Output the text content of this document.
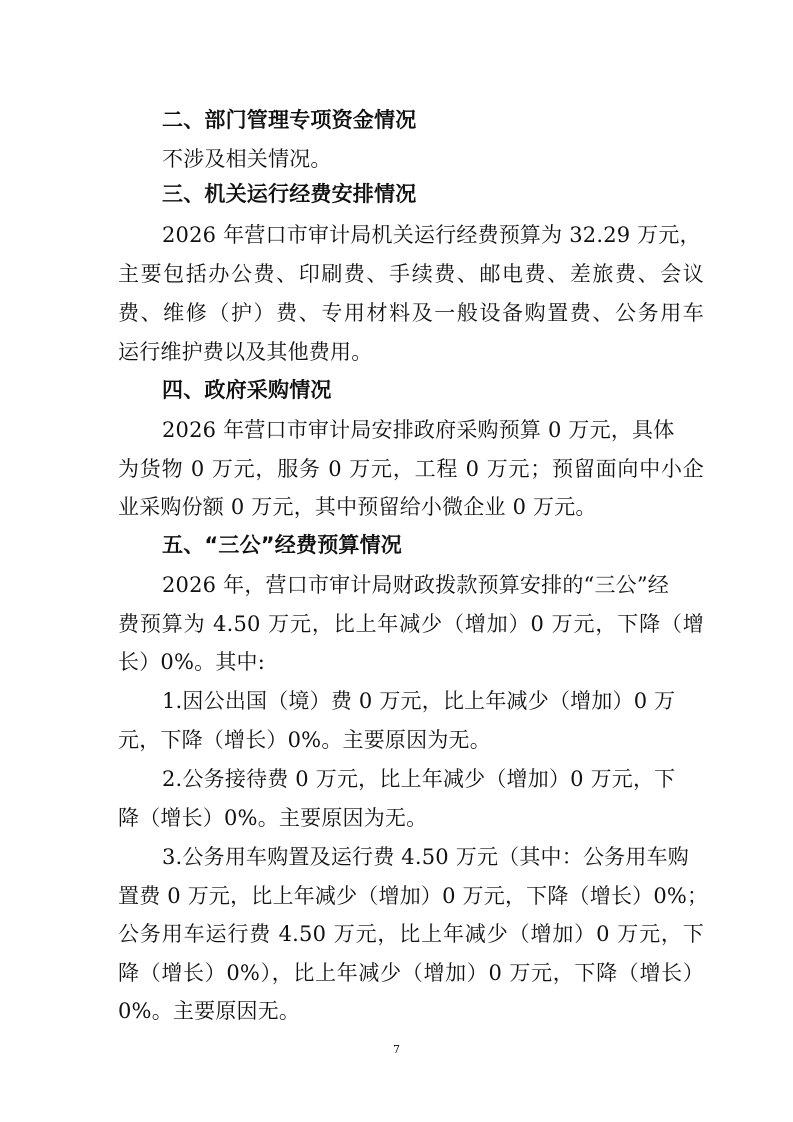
二、部门管理专项资金情况
不涉及相关情况。
三、机关运行经费安排情况
2026 年营口市审计局机关运行经费预算为 32.29 万元，
主要包括办公费、印刷费、手续费、邮电费、差旅费、会议
费、维修（护）费、专用材料及一般设备购置费、公务用车
运行维护费以及其他费用。
四、政府采购情况
2026 年营口市审计局安排政府采购预算 0 万元，具体
为货物 0 万元，服务 0 万元，工程 0 万元；预留面向中小企
业采购份额 0 万元，其中预留给小微企业 0 万元。
五、“三公”经费预算情况
2026 年，营口市审计局财政拨款预算安排的“三公”经
费预算为 4.50 万元，比上年减少（增加）0 万元，下降（增
长）0%。其中:
1.因公出国（境）费 0 万元，比上年减少（增加）0 万
元，下降（增长）0%。主要原因为无。
2.公务接待费 0 万元，比上年减少（增加）0 万元，下
降（增长）0%。主要原因为无。
3.公务用车购置及运行费 4.50 万元（其中：公务用车购
置费 0 万元，比上年减少（增加）0 万元，下降（增长）0%；
公务用车运行费 4.50 万元，比上年减少（增加）0 万元，下
降（增长）0%），比上年减少（增加）0 万元，下降（增长）
0%。主要原因无。
7
